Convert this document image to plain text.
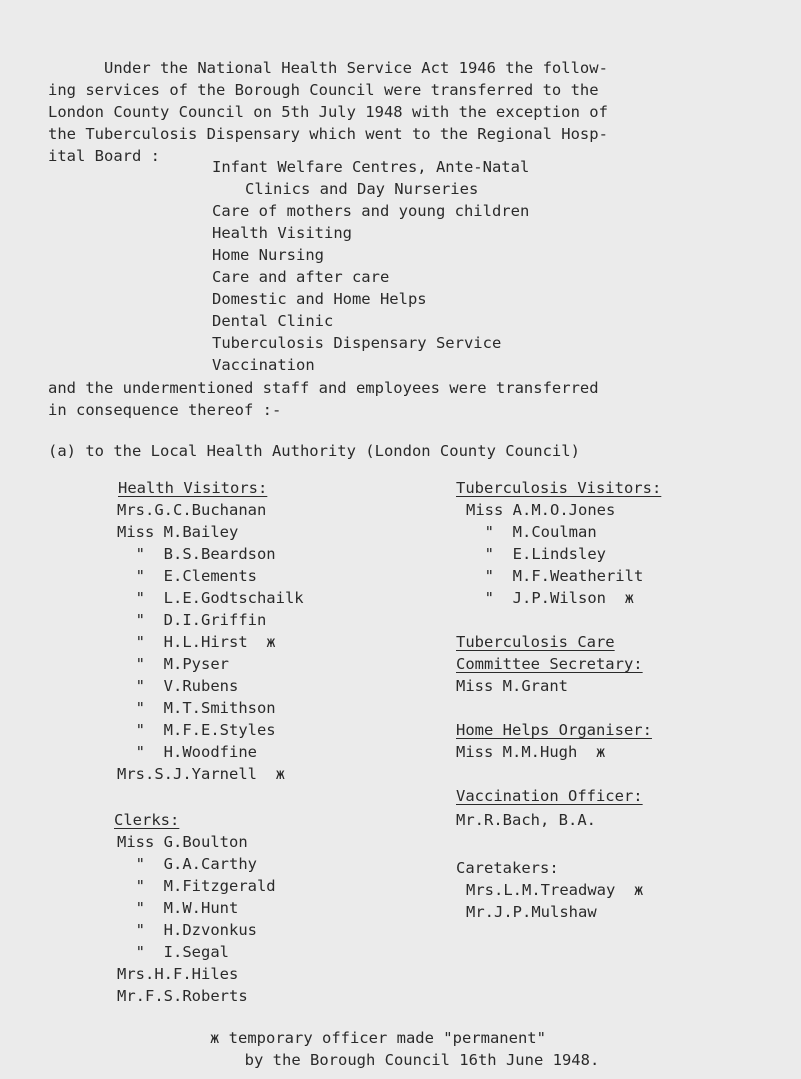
Under the National Health Service Act 1946 the follow-
ing services of the Borough Council were transferred to the
London County Council on 5th July 1948 with the exception of
the Tuberculosis Dispensary which went to the Regional Hosp-
ital Board :
Infant Welfare Centres, Ante-Natal
Clinics and Day Nurseries
Care of mothers and young children
Health Visiting
Home Nursing
Care and after care
Domestic and Home Helps
Dental Clinic
Tuberculosis Dispensary Service
Vaccination
and the undermentioned staff and employees were transferred
in consequence thereof :-
(a) to the Local Health Authority (London County Council)
Health Visitors:
Mrs.G.C.Buchanan
Miss M.Bailey
"  B.S.Beardson
"  E.Clements
"  L.E.Godtschailk
"  D.I.Griffin
"  H.L.Hirst  ж
"  M.Pyser
"  V.Rubens
"  M.T.Smithson
"  M.F.E.Styles
"  H.Woodfine
Mrs.S.J.Yarnell  ж
Clerks:
Miss G.Boulton
"  G.A.Carthy
"  M.Fitzgerald
"  M.W.Hunt
"  H.Dzvonkus
"  I.Segal
Mrs.H.F.Hiles
Mr.F.S.Roberts
Tuberculosis Visitors:
Miss A.M.O.Jones
"  M.Coulman
"  E.Lindsley
"  M.F.Weatherilt
"  J.P.Wilson  ж
Tuberculosis Care
Committee Secretary:
Miss M.Grant
Home Helps Organiser:
Miss M.M.Hugh  ж
Vaccination Officer:
Mr.R.Bach, B.A.
Caretakers:
Mrs.L.M.Treadway  ж
Mr.J.P.Mulshaw
ж temporary officer made "permanent"
by the Borough Council 16th June 1948.
